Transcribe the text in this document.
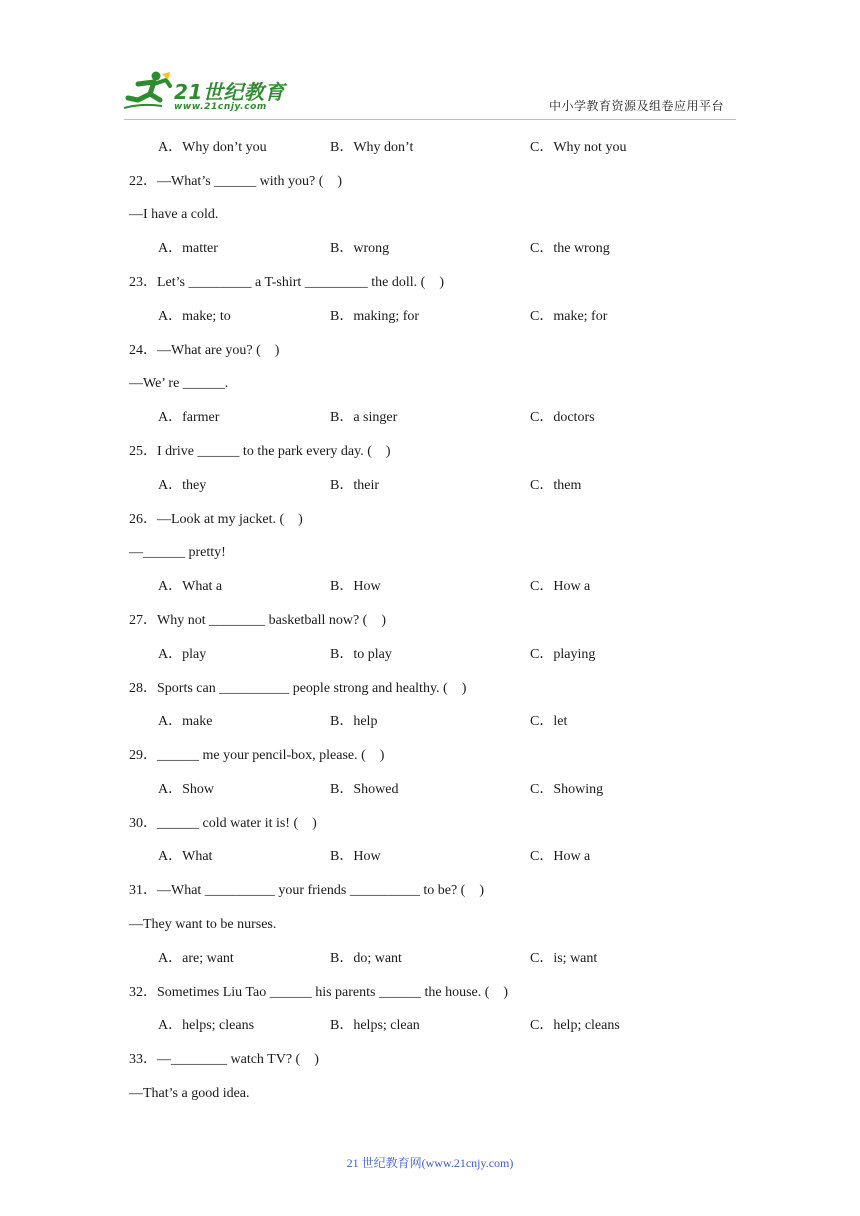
21世纪教育
www.21cnjy.com	中小学教育资源及组卷应用平台
A．Why don’t you	B．Why don’t	C．Why not you
22．—What’s ______ with you? (    )
—I have a cold.
A．matter	B．wrong	C．the wrong
23．Let’s _________ a T-shirt _________ the doll. (    )
A．make; to	B．making; for	C．make; for
24．—What are you? (    )
—We’ re ______.
A．farmer	B．a singer	C．doctors
25．I drive ______ to the park every day. (    )
A．they	B．their	C．them
26．—Look at my jacket. (    )
—______ pretty!
A．What a	B．How	C．How a
27．Why not ________ basketball now? (    )
A．play	B．to play	C．playing
28．Sports can __________ people strong and healthy. (    )
A．make	B．help	C．let
29．______ me your pencil-box, please. (    )
A．Show	B．Showed	C．Showing
30．______ cold water it is! (    )
A．What	B．How	C．How a
31．—What __________ your friends __________ to be? (    )
—They want to be nurses.
A．are; want	B．do; want	C．is; want
32．Sometimes Liu Tao ______ his parents ______ the house. (    )
A．helps; cleans	B．helps; clean	C．help; cleans
33．—________ watch TV? (    )
—That’s a good idea.
21 世纪教育网(www.21cnjy.com)
